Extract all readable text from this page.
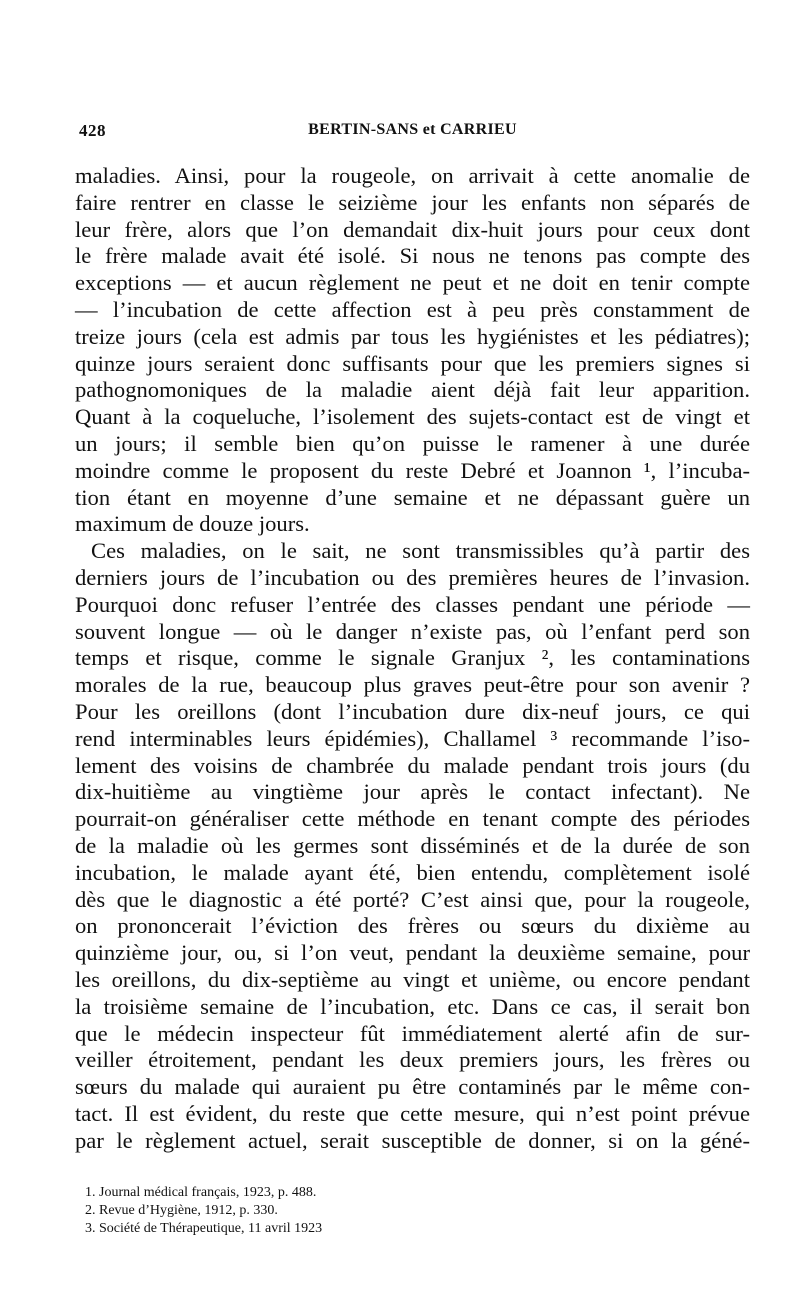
428	BERTIN-SANS et CARRIEU
maladies. Ainsi, pour la rougeole, on arrivait à cette anomalie de
faire rentrer en classe le seizième jour les enfants non séparés de
leur frère, alors que l’on demandait dix-huit jours pour ceux dont
le frère malade avait été isolé. Si nous ne tenons pas compte des
exceptions — et aucun règlement ne peut et ne doit en tenir compte
— l’incubation de cette affection est à peu près constamment de
treize jours (cela est admis par tous les hygiénistes et les pédiatres);
quinze jours seraient donc suffisants pour que les premiers signes si
pathognomoniques de la maladie aient déjà fait leur apparition.
Quant à la coqueluche, l’isolement des sujets-contact est de vingt et
un jours; il semble bien qu’on puisse le ramener à une durée
moindre comme le proposent du reste Debré et Joannon ¹, l’incuba-
tion étant en moyenne d’une semaine et ne dépassant guère un
maximum de douze jours.
Ces maladies, on le sait, ne sont transmissibles qu’à partir des
derniers jours de l’incubation ou des premières heures de l’invasion.
Pourquoi donc refuser l’entrée des classes pendant une période —
souvent longue — où le danger n’existe pas, où l’enfant perd son
temps et risque, comme le signale Granjux ², les contaminations
morales de la rue, beaucoup plus graves peut-être pour son avenir ?
Pour les oreillons (dont l’incubation dure dix-neuf jours, ce qui
rend interminables leurs épidémies), Challamel ³ recommande l’iso-
lement des voisins de chambrée du malade pendant trois jours (du
dix-huitième au vingtième jour après le contact infectant). Ne
pourrait-on généraliser cette méthode en tenant compte des périodes
de la maladie où les germes sont disséminés et de la durée de son
incubation, le malade ayant été, bien entendu, complètement isolé
dès que le diagnostic a été porté? C’est ainsi que, pour la rougeole,
on prononcerait l’éviction des frères ou sœurs du dixième au
quinzième jour, ou, si l’on veut, pendant la deuxième semaine, pour
les oreillons, du dix-septième au vingt et unième, ou encore pendant
la troisième semaine de l’incubation, etc. Dans ce cas, il serait bon
que le médecin inspecteur fût immédiatement alerté afin de sur-
veiller étroitement, pendant les deux premiers jours, les frères ou
sœurs du malade qui auraient pu être contaminés par le même con-
tact. Il est évident, du reste que cette mesure, qui n’est point prévue
par le règlement actuel, serait susceptible de donner, si on la géné-
1. Journal médical français, 1923, p. 488.
2. Revue d’Hygiène, 1912, p. 330.
3. Société de Thérapeutique, 11 avril 1923
